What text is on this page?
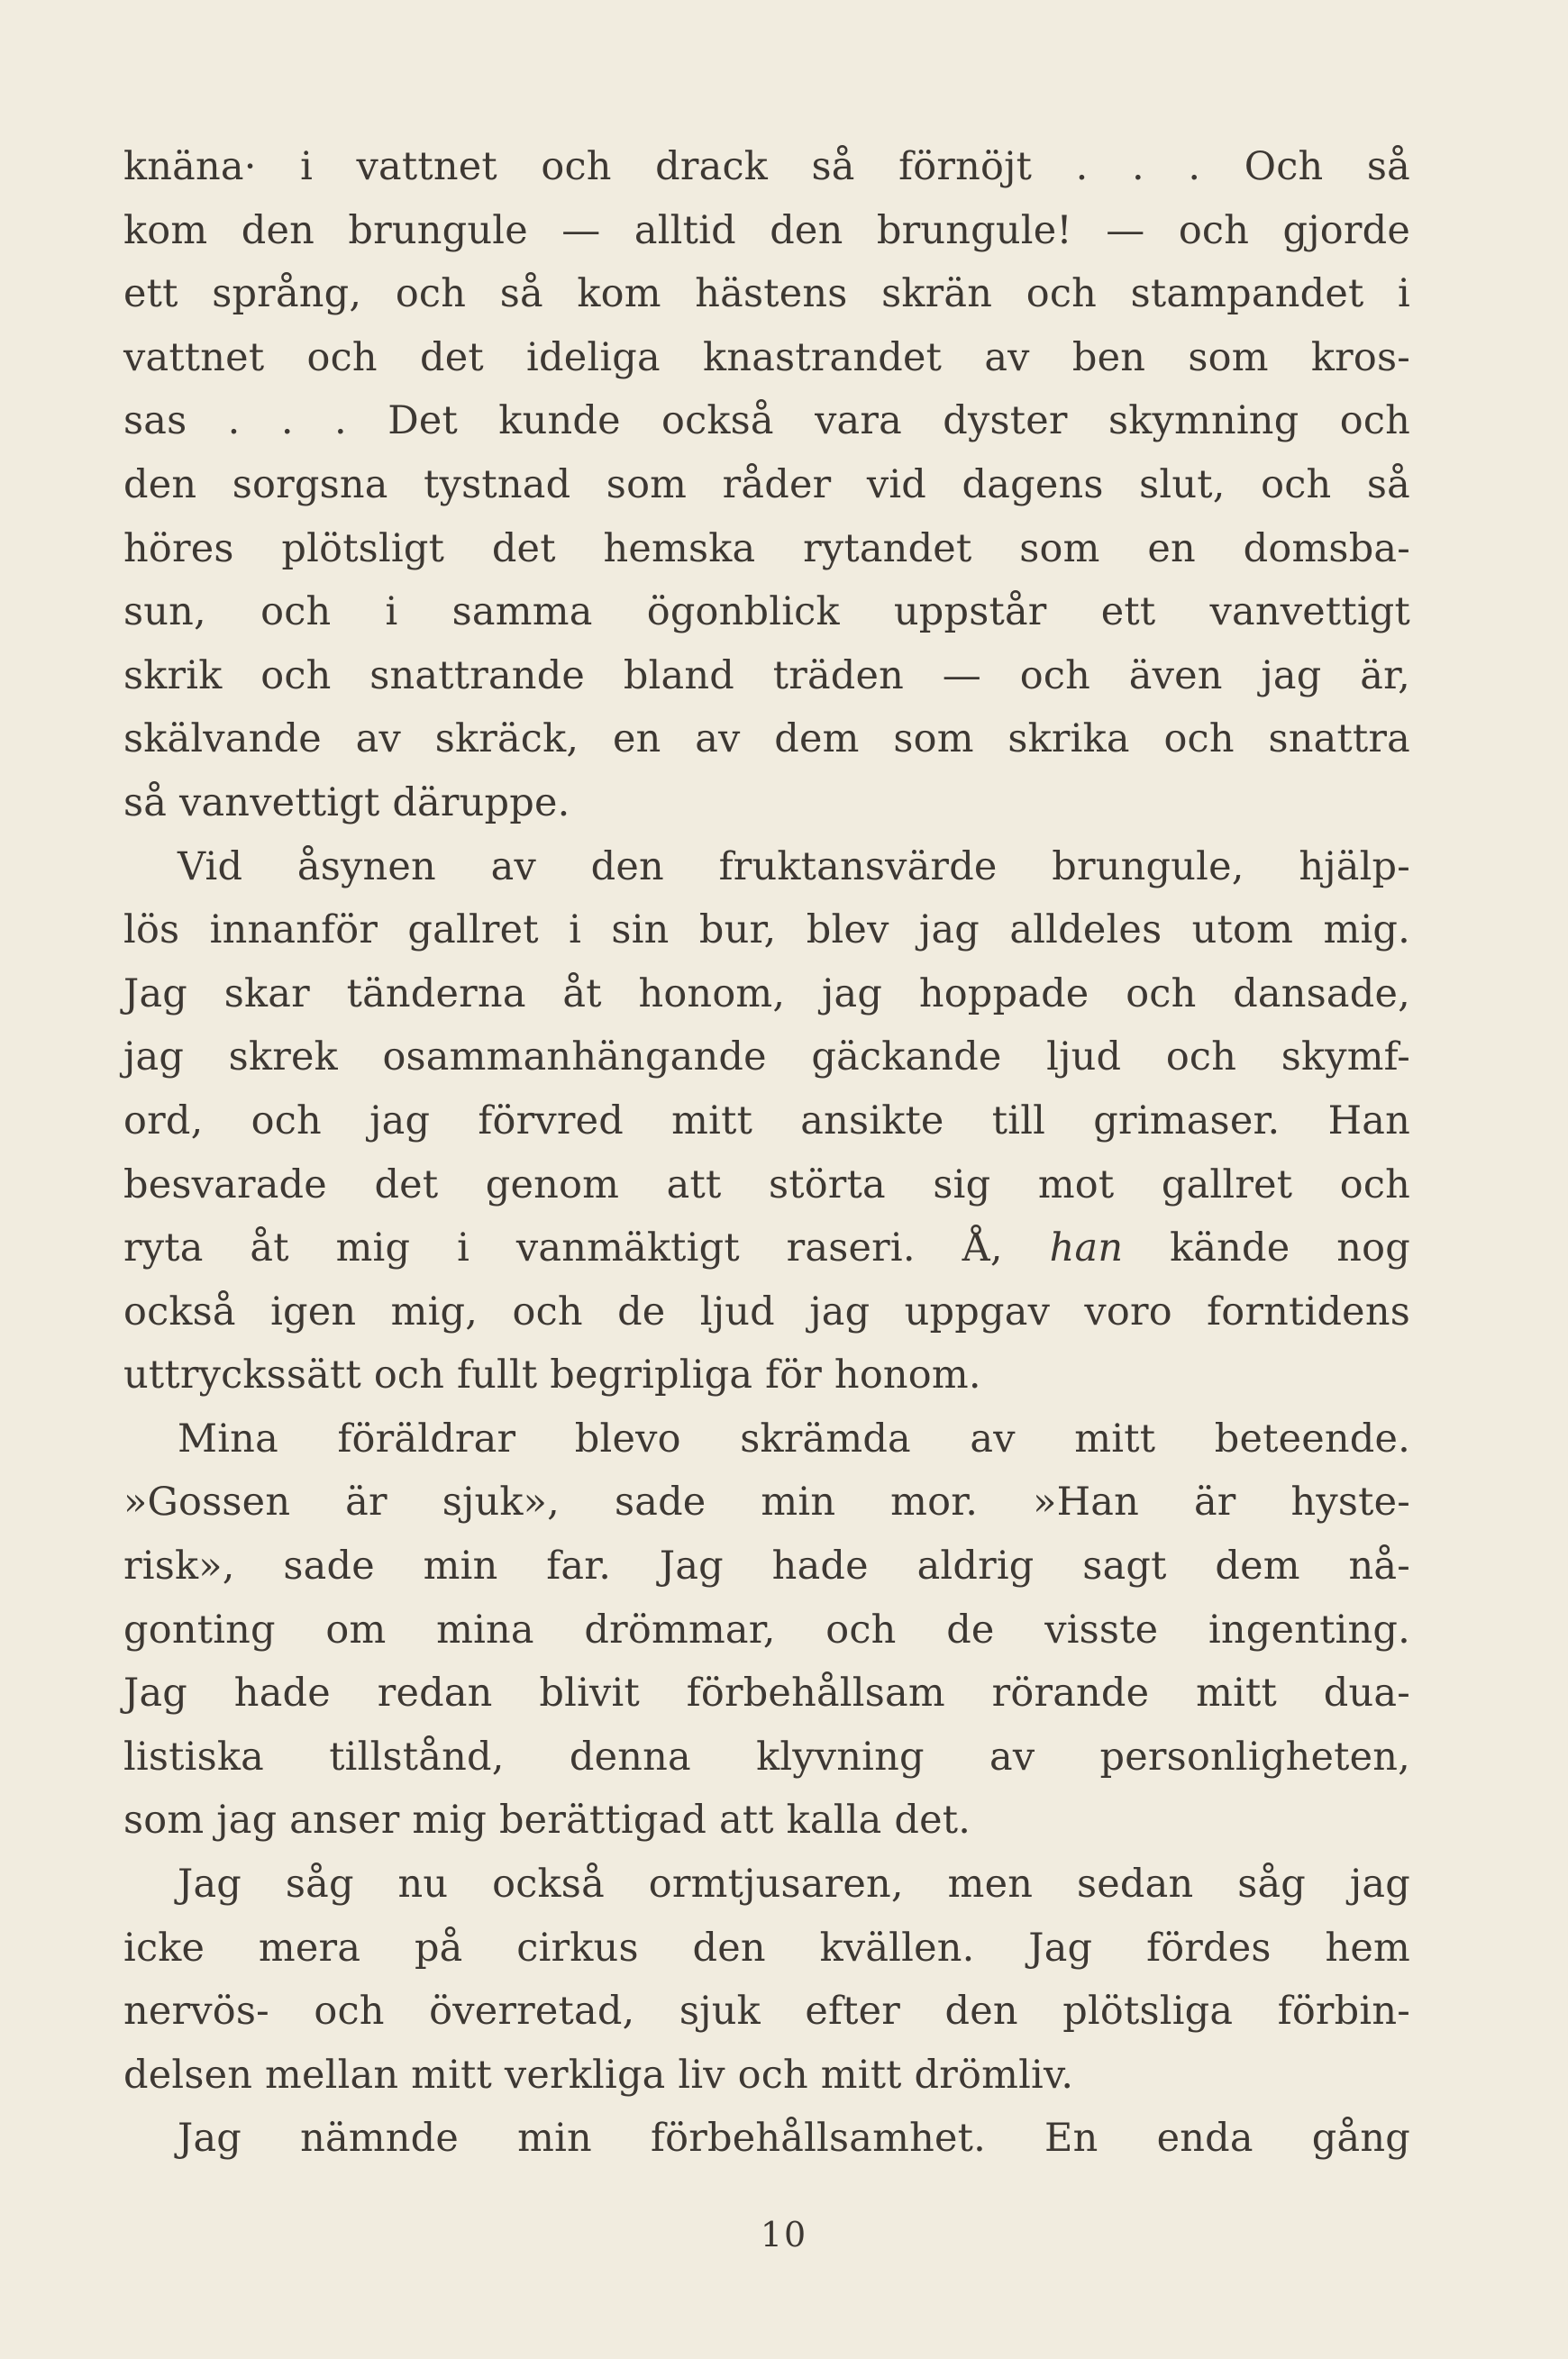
knäna· i vattnet och drack så förnöjt . . . Och så
kom den brungule — alltid den brungule! — och gjorde
ett språng, och så kom hästens skrän och stampandet i
vattnet och det ideliga knastrandet av ben som kros-
sas . . . Det kunde också vara dyster skymning och
den sorgsna tystnad som råder vid dagens slut, och så
höres plötsligt det hemska rytandet som en domsba-
sun, och i samma ögonblick uppstår ett vanvettigt
skrik och snattrande bland träden — och även jag är,
skälvande av skräck, en av dem som skrika och snattra
så vanvettigt däruppe.
Vid åsynen av den fruktansvärde brungule, hjälp-
lös innanför gallret i sin bur, blev jag alldeles utom mig.
Jag skar tänderna åt honom, jag hoppade och dansade,
jag skrek osammanhängande gäckande ljud och skymf-
ord, och jag förvred mitt ansikte till grimaser. Han
besvarade det genom att störta sig mot gallret och
ryta åt mig i vanmäktigt raseri. Å, han kände nog
också igen mig, och de ljud jag uppgav voro forntidens
uttryckssätt och fullt begripliga för honom.
Mina föräldrar blevo skrämda av mitt beteende.
»Gossen är sjuk», sade min mor. »Han är hyste-
risk», sade min far. Jag hade aldrig sagt dem nå-
gonting om mina drömmar, och de visste ingenting.
Jag hade redan blivit förbehållsam rörande mitt dua-
listiska tillstånd, denna klyvning av personligheten,
som jag anser mig berättigad att kalla det.
Jag såg nu också ormtjusaren, men sedan såg jag
icke mera på cirkus den kvällen. Jag fördes hem
nervös- och överretad, sjuk efter den plötsliga förbin-
delsen mellan mitt verkliga liv och mitt drömliv.
Jag nämnde min förbehållsamhet. En enda gång
10
